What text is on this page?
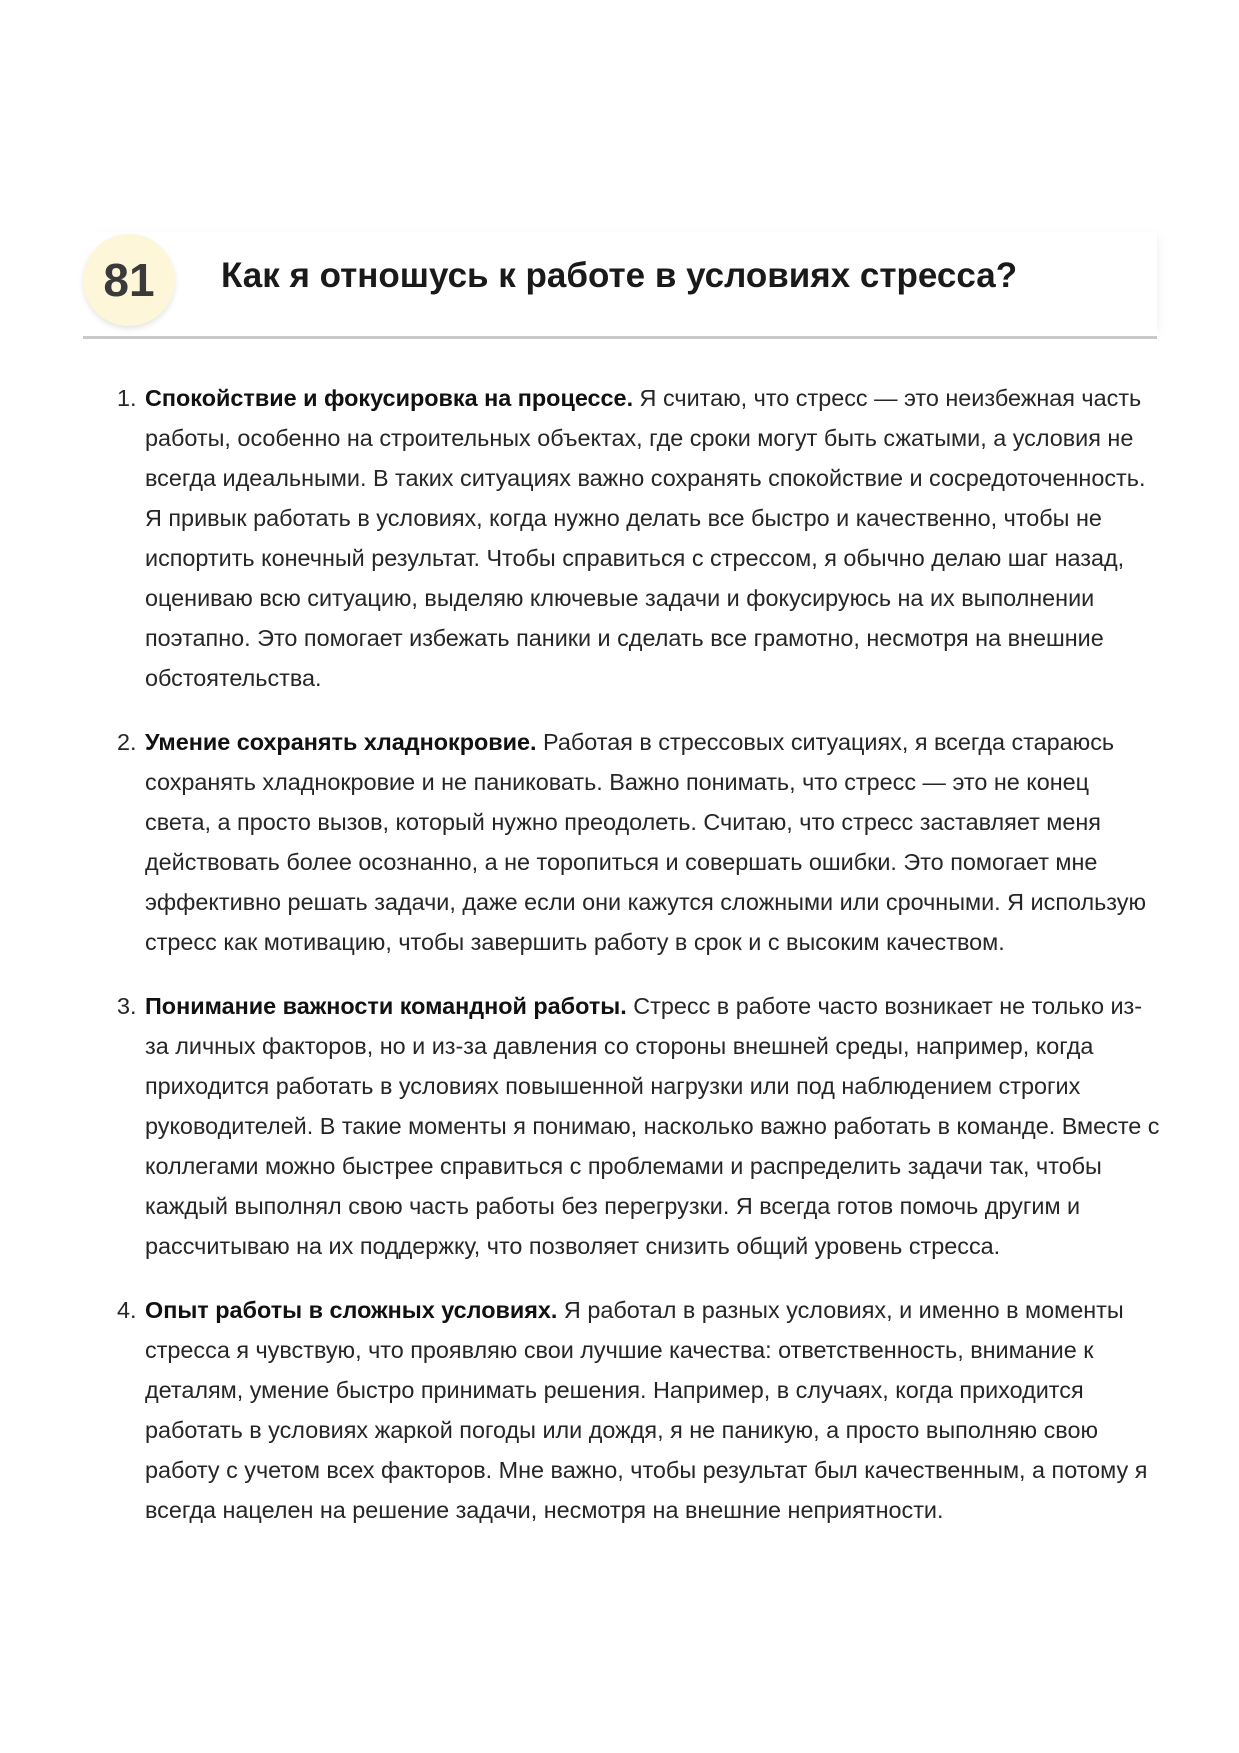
81	Как я отношусь к работе в условиях стресса?
1. Спокойствие и фокусировка на процессе. Я считаю, что стресс — это неизбежная часть работы, особенно на строительных объектах, где сроки могут быть сжатыми, а условия не всегда идеальными. В таких ситуациях важно сохранять спокойствие и сосредоточенность. Я привык работать в условиях, когда нужно делать все быстро и качественно, чтобы не испортить конечный результат. Чтобы справиться с стрессом, я обычно делаю шаг назад, оцениваю всю ситуацию, выделяю ключевые задачи и фокусируюсь на их выполнении поэтапно. Это помогает избежать паники и сделать все грамотно, несмотря на внешние обстоятельства.
2. Умение сохранять хладнокровие. Работая в стрессовых ситуациях, я всегда стараюсь сохранять хладнокровие и не паниковать. Важно понимать, что стресс — это не конец света, а просто вызов, который нужно преодолеть. Считаю, что стресс заставляет меня действовать более осознанно, а не торопиться и совершать ошибки. Это помогает мне эффективно решать задачи, даже если они кажутся сложными или срочными. Я использую стресс как мотивацию, чтобы завершить работу в срок и с высоким качеством.
3. Понимание важности командной работы. Стресс в работе часто возникает не только из-за личных факторов, но и из-за давления со стороны внешней среды, например, когда приходится работать в условиях повышенной нагрузки или под наблюдением строгих руководителей. В такие моменты я понимаю, насколько важно работать в команде. Вместе с коллегами можно быстрее справиться с проблемами и распределить задачи так, чтобы каждый выполнял свою часть работы без перегрузки. Я всегда готов помочь другим и рассчитываю на их поддержку, что позволяет снизить общий уровень стресса.
4. Опыт работы в сложных условиях. Я работал в разных условиях, и именно в моменты стресса я чувствую, что проявляю свои лучшие качества: ответственность, внимание к деталям, умение быстро принимать решения. Например, в случаях, когда приходится работать в условиях жаркой погоды или дождя, я не паникую, а просто выполняю свою работу с учетом всех факторов. Мне важно, чтобы результат был качественным, а потому я всегда нацелен на решение задачи, несмотря на внешние неприятности.
